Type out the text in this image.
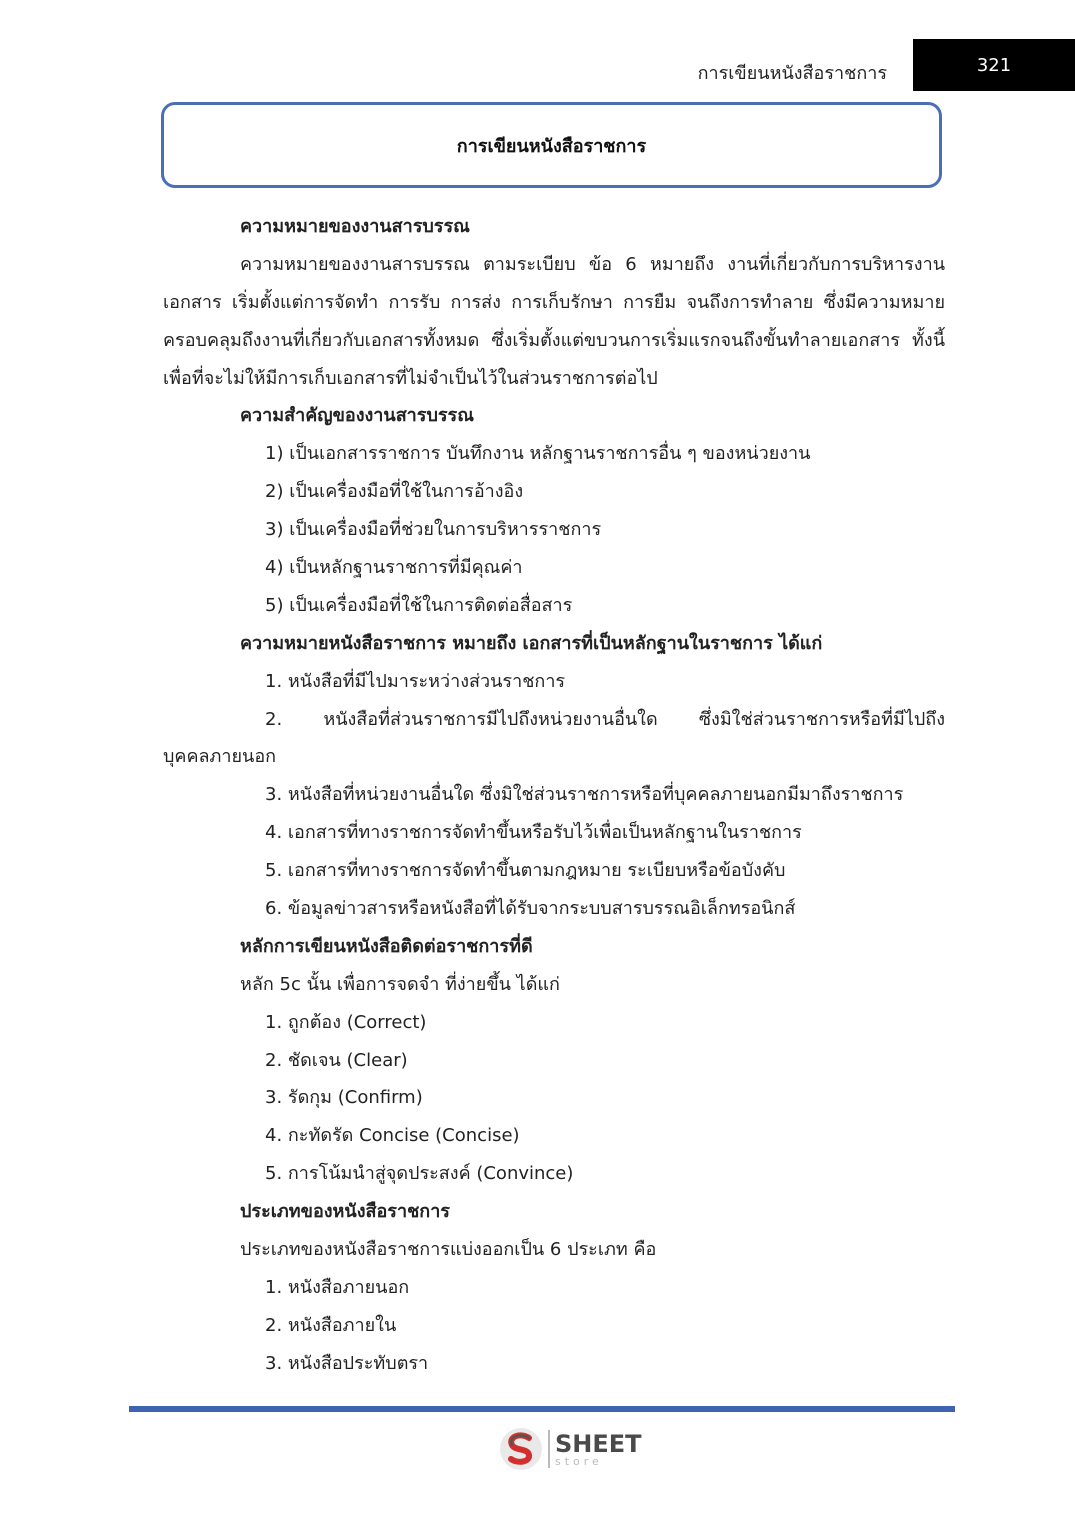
การเขียนหนังสือราชการ	321
การเขียนหนังสือราชการ
ความหมายของงานสารบรรณ
ความหมายของงานสารบรรณ ตามระเบียบ ข้อ 6 หมายถึง งานที่เกี่ยวกับการบริหารงาน
เอกสาร เริ่มตั้งแต่การจัดทำ การรับ การส่ง การเก็บรักษา การยืม จนถึงการทำลาย ซึ่งมีความหมาย
ครอบคลุมถึงงานที่เกี่ยวกับเอกสารทั้งหมด ซึ่งเริ่มตั้งแต่ขบวนการเริ่มแรกจนถึงขั้นทำลายเอกสาร ทั้งนี้
เพื่อที่จะไม่ให้มีการเก็บเอกสารที่ไม่จำเป็นไว้ในส่วนราชการต่อไป
ความสำคัญของงานสารบรรณ
1) เป็นเอกสารราชการ บันทึกงาน หลักฐานราชการอื่น ๆ ของหน่วยงาน
2) เป็นเครื่องมือที่ใช้ในการอ้างอิง
3) เป็นเครื่องมือที่ช่วยในการบริหารราชการ
4) เป็นหลักฐานราชการที่มีคุณค่า
5) เป็นเครื่องมือที่ใช้ในการติดต่อสื่อสาร
ความหมายหนังสือราชการ หมายถึง เอกสารที่เป็นหลักฐานในราชการ ได้แก่
1. หนังสือที่มีไปมาระหว่างส่วนราชการ
2. หนังสือที่ส่วนราชการมีไปถึงหน่วยงานอื่นใด ซึ่งมิใช่ส่วนราชการหรือที่มีไปถึง
บุคคลภายนอก
3. หนังสือที่หน่วยงานอื่นใด ซึ่งมิใช่ส่วนราชการหรือที่บุคคลภายนอกมีมาถึงราชการ
4. เอกสารที่ทางราชการจัดทำขึ้นหรือรับไว้เพื่อเป็นหลักฐานในราชการ
5. เอกสารที่ทางราชการจัดทำขึ้นตามกฎหมาย ระเบียบหรือข้อบังคับ
6. ข้อมูลข่าวสารหรือหนังสือที่ได้รับจากระบบสารบรรณอิเล็กทรอนิกส์
หลักการเขียนหนังสือติดต่อราชการที่ดี
หลัก 5c นั้น เพื่อการจดจำ ที่ง่ายขึ้น ได้แก่
1. ถูกต้อง (Correct)
2. ชัดเจน (Clear)
3. รัดกุม (Confirm)
4. กะทัดรัด Concise (Concise)
5. การโน้มนำสู่จุดประสงค์ (Convince)
ประเภทของหนังสือราชการ
ประเภทของหนังสือราชการแบ่งออกเป็น 6 ประเภท คือ
1. หนังสือภายนอก
2. หนังสือภายใน
3. หนังสือประทับตรา
SHEET
store
